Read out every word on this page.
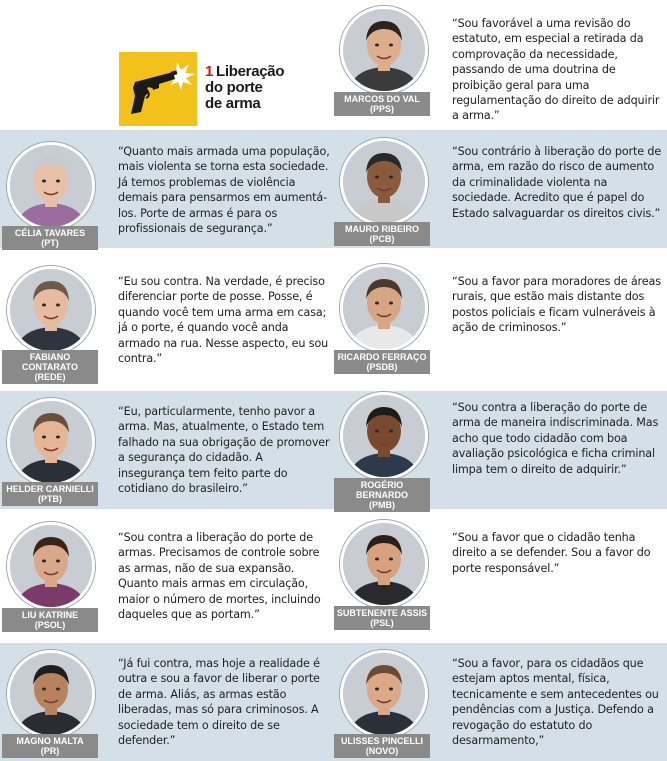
1 Liberação
do porte
de arma
CÉLIA TAVARES
(PT)
“Quanto mais armada uma população, mais violenta se torna esta sociedade. Já temos problemas de violência demais para pensarmos em aumentá-los. Porte de armas é para os profissionais de segurança.”
FABIANO CONTARATO
(REDE)
“Eu sou contra. Na verdade, é preciso diferenciar porte de posse. Posse, é quando você tem uma arma em casa; já o porte, é quando você anda armado na rua. Nesse aspecto, eu sou contra.”
HELDER CARNIELLI
(PTB)
“Eu, particularmente, tenho pavor a arma. Mas, atualmente, o Estado tem falhado na sua obrigação de promover a segurança do cidadão. A insegurança tem feito parte do cotidiano do brasileiro.”
LIU KATRINE
(PSOL)
“Sou contra a liberação do porte de armas. Precisamos de controle sobre as armas, não de sua expansão. Quanto mais armas em circulação, maior o número de mortes, incluindo daqueles que as portam.”
MAGNO MALTA
(PR)
“Já fui contra, mas hoje a realidade é outra e sou a favor de liberar o porte de arma. Aliás, as armas estão liberadas, mas só para criminosos. A sociedade tem o direito de se defender.”
MARCOS DO VAL
(PPS)
“Sou favorável a uma revisão do estatuto, em especial a retirada da comprovação da necessidade, passando de uma doutrina de proibição geral para uma regulamentação do direito de adquirir a arma.”
MAURO RIBEIRO
(PCB)
“Sou contrário à liberação do porte de arma, em razão do risco de aumento da criminalidade violenta na sociedade. Acredito que é papel do Estado salvaguardar os direitos civis.”
RICARDO FERRAÇO
(PSDB)
“Sou a favor para moradores de áreas rurais, que estão mais distante dos postos policiais e ficam vulneráveis à ação de criminosos.”
ROGÉRIO BERNARDO
(PMB)
“Sou contra a liberação do porte de arma de maneira indiscriminada. Mas acho que todo cidadão com boa avaliação psicológica e ficha criminal limpa tem o direito de adquirir.”
SUBTENENTE ASSIS
(PSL)
“Sou a favor que o cidadão tenha direito a se defender. Sou a favor do porte responsável.”
ULISSES PINCELLI
(NOVO)
“Sou a favor, para os cidadãos que estejam aptos mental, física, tecnicamente e sem antecedentes ou pendências com a Justiça. Defendo a revogação do estatuto do desarmamento,”
